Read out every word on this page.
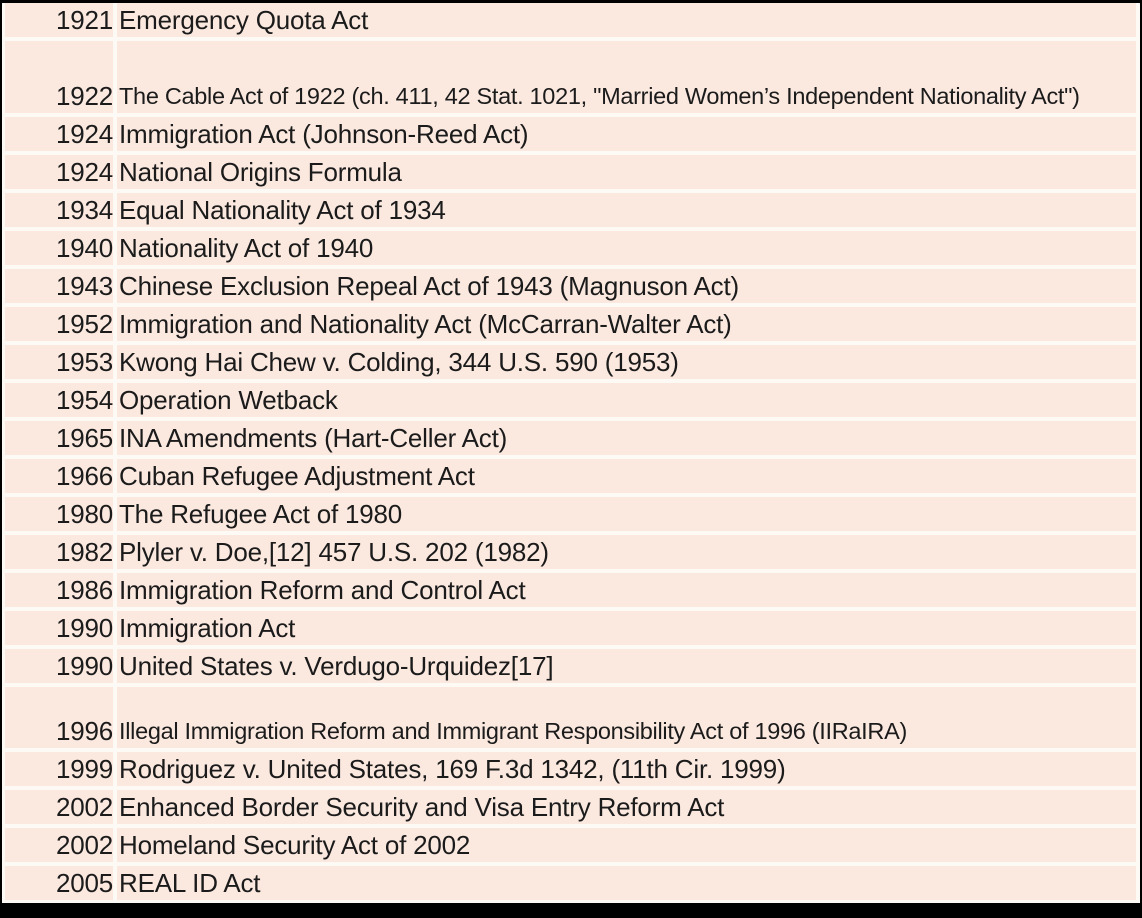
1921 Emergency Quota Act
1922 The Cable Act of 1922 (ch. 411, 42 Stat. 1021, "Married Women’s Independent Nationality Act")
1924 Immigration Act (Johnson-Reed Act)
1924 National Origins Formula
1934 Equal Nationality Act of 1934
1940 Nationality Act of 1940
1943 Chinese Exclusion Repeal Act of 1943 (Magnuson Act)
1952 Immigration and Nationality Act (McCarran-Walter Act)
1953 Kwong Hai Chew v. Colding, 344 U.S. 590 (1953)
1954 Operation Wetback
1965 INA Amendments (Hart-Celler Act)
1966 Cuban Refugee Adjustment Act
1980 The Refugee Act of 1980
1982 Plyler v. Doe,[12] 457 U.S. 202 (1982)
1986 Immigration Reform and Control Act
1990 Immigration Act
1990 United States v. Verdugo-Urquidez[17]
1996 Illegal Immigration Reform and Immigrant Responsibility Act of 1996 (IIRaIRA)
1999 Rodriguez v. United States, 169 F.3d 1342, (11th Cir. 1999)
2002 Enhanced Border Security and Visa Entry Reform Act
2002 Homeland Security Act of 2002
2005 REAL ID Act
